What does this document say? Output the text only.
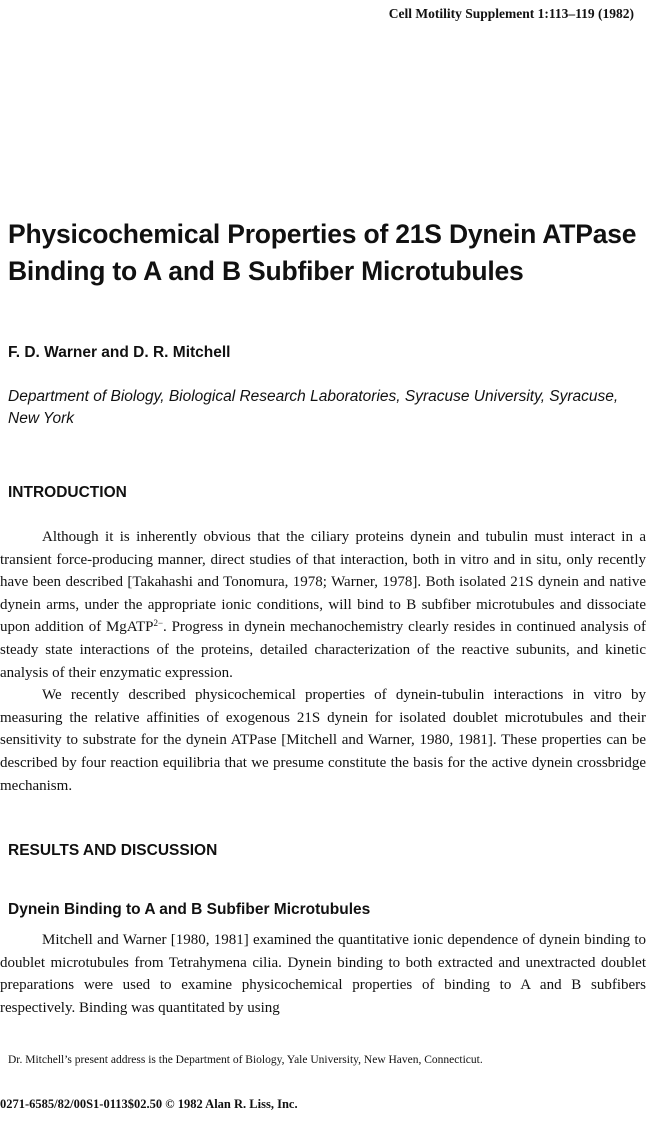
Cell Motility Supplement 1:113–119 (1982)
Physicochemical Properties of 21S Dynein ATPase Binding to A and B Subfiber Microtubules
F. D. Warner and D. R. Mitchell
Department of Biology, Biological Research Laboratories, Syracuse University, Syracuse, New York
INTRODUCTION

Although it is inherently obvious that the ciliary proteins dynein and tubulin must interact in a transient force-producing manner, direct studies of that interaction, both in vitro and in situ, only recently have been described [Takahashi and Tonomura, 1978; Warner, 1978]. Both isolated 21S dynein and native dynein arms, under the appropriate ionic conditions, will bind to B subfiber microtubules and dissociate upon addition of MgATP$^{2-}$. Progress in dynein mechanochemistry clearly resides in continued analysis of steady state interactions of the proteins, detailed characterization of the reactive subunits, and kinetic analysis of their enzymatic expression.

We recently described physicochemical properties of dynein-tubulin interactions in vitro by measuring the relative affinities of exogenous 21S dynein for isolated doublet microtubules and their sensitivity to substrate for the dynein ATPase [Mitchell and Warner, 1980, 1981]. These properties can be described by four reaction equilibria that we presume constitute the basis for the active dynein crossbridge mechanism.

RESULTS AND DISCUSSION
Dynein Binding to A and B Subfiber Microtubules

Mitchell and Warner [1980, 1981] examined the quantitative ionic dependence of dynein binding to doublet microtubules from Tetrahymena cilia. Dynein binding to both extracted and unextracted doublet preparations were used to examine physicochemical properties of binding to A and B subfibers respectively. Binding was quantitated by using

Dr. Mitchell’s present address is the Department of Biology, Yale University, New Haven, Connecticut.
0271-6585/82/00S1-0113$02.50 © 1982 Alan R. Liss, Inc.
